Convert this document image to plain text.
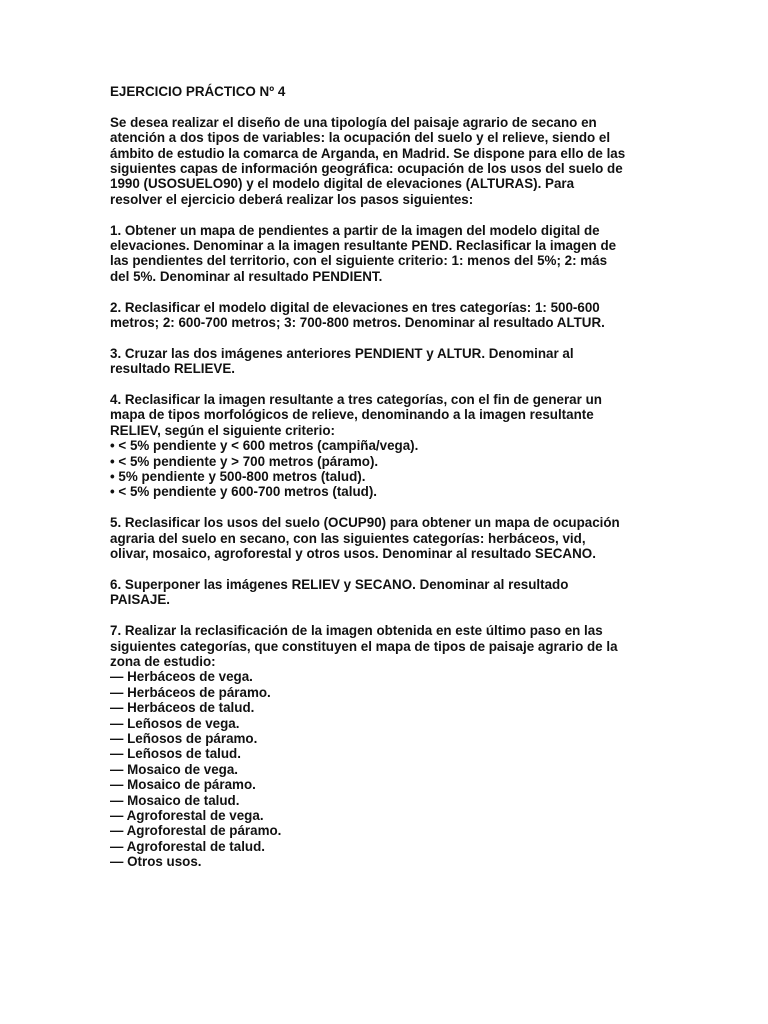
EJERCICIO PRÁCTICO Nº 4

Se desea realizar el diseño de una tipología del paisaje agrario de secano en
atención a dos tipos de variables: la ocupación del suelo y el relieve, siendo el
ámbito de estudio la comarca de Arganda, en Madrid. Se dispone para ello de las
siguientes capas de información geográfica: ocupación de los usos del suelo de
1990 (USOSUELO90) y el modelo digital de elevaciones (ALTURAS). Para
resolver el ejercicio deberá realizar los pasos siguientes:

1. Obtener un mapa de pendientes a partir de la imagen del modelo digital de
elevaciones. Denominar a la imagen resultante PEND. Reclasificar la imagen de
las pendientes del territorio, con el siguiente criterio: 1: menos del 5%; 2: más
del 5%. Denominar al resultado PENDIENT.

2. Reclasificar el modelo digital de elevaciones en tres categorías: 1: 500-600
metros; 2: 600-700 metros; 3: 700-800 metros. Denominar al resultado ALTUR.

3. Cruzar las dos imágenes anteriores PENDIENT y ALTUR. Denominar al
resultado RELIEVE.

4. Reclasificar la imagen resultante a tres categorías, con el fin de generar un
mapa de tipos morfológicos de relieve, denominando a la imagen resultante
RELIEV, según el siguiente criterio:
• < 5% pendiente y < 600 metros (campiña/vega).
• < 5% pendiente y > 700 metros (páramo).
• 5% pendiente y 500-800 metros (talud).
• < 5% pendiente y 600-700 metros (talud).

5. Reclasificar los usos del suelo (OCUP90) para obtener un mapa de ocupación
agraria del suelo en secano, con las siguientes categorías: herbáceos, vid,
olivar, mosaico, agroforestal y otros usos. Denominar al resultado SECANO.

6. Superponer las imágenes RELIEV y SECANO. Denominar al resultado
PAISAJE.

7. Realizar la reclasificación de la imagen obtenida en este último paso en las
siguientes categorías, que constituyen el mapa de tipos de paisaje agrario de la
zona de estudio:
— Herbáceos de vega.
— Herbáceos de páramo.
— Herbáceos de talud.
— Leñosos de vega.
— Leñosos de páramo.
— Leñosos de talud.
— Mosaico de vega.
— Mosaico de páramo.
— Mosaico de talud.
— Agroforestal de vega.
— Agroforestal de páramo.
— Agroforestal de talud.
— Otros usos.
